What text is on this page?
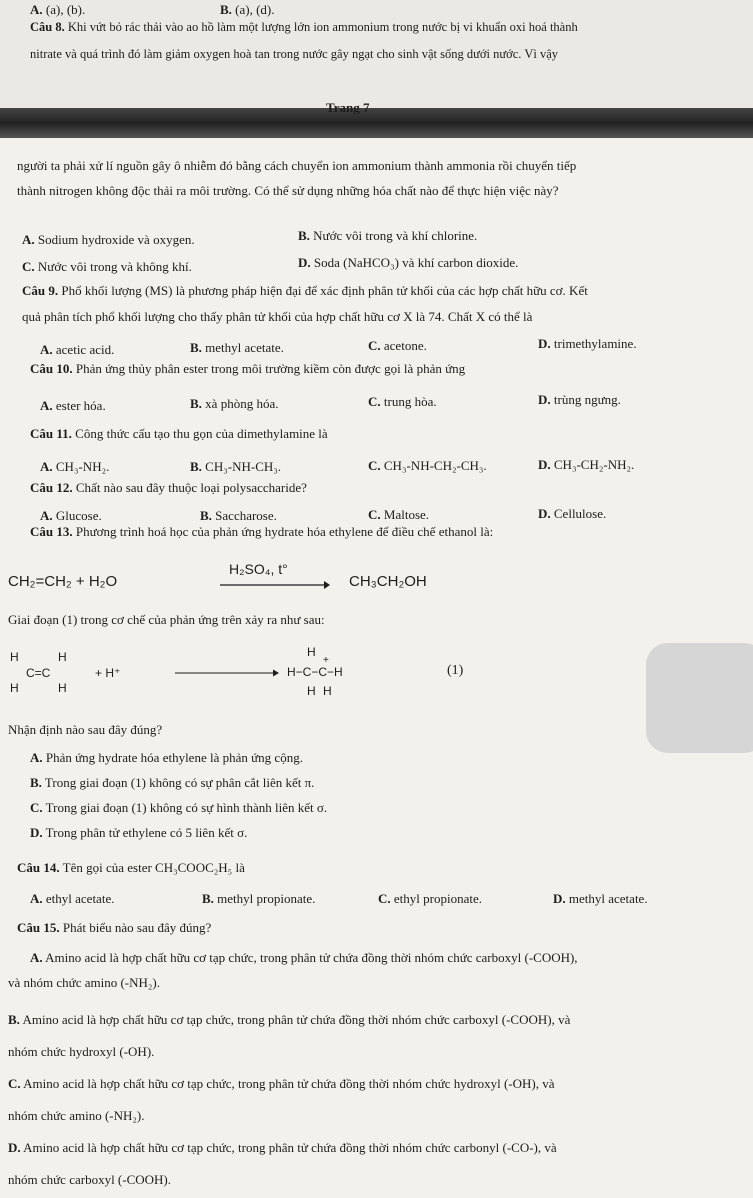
A. (a), (b).	B. (a), (d).
Câu 8. Khi vứt bỏ rác thải vào ao hồ làm một lượng lớn ion ammonium trong nước bị vi khuẩn oxi hoá thành
nitrate và quá trình đó làm giảm oxygen hoà tan trong nước gây ngạt cho sinh vật sống dưới nước. Vì vậy
Trang 7
người ta phải xử lí nguồn gây ô nhiễm đó bằng cách chuyển ion ammonium thành ammonia rồi chuyển tiếp
thành nitrogen không độc thải ra môi trường. Có thể sử dụng những hóa chất nào để thực hiện việc này?
A. Sodium hydroxide và oxygen.	B. Nước vôi trong và khí chlorine.
C. Nước vôi trong và không khí.	D. Soda (NaHCO₃) và khí carbon dioxide.
Câu 9. Phổ khối lượng (MS) là phương pháp hiện đại để xác định phân tử khối của các hợp chất hữu cơ. Kết
quả phân tích phổ khối lượng cho thấy phân tử khối của hợp chất hữu cơ X là 74. Chất X có thể là
A. acetic acid.	B. methyl acetate.	C. acetone.	D. trimethylamine.
Câu 10. Phản ứng thủy phân ester trong môi trường kiềm còn được gọi là phản ứng
A. ester hóa.	B. xà phòng hóa.	C. trung hòa.	D. trùng ngưng.
Câu 11. Công thức cấu tạo thu gọn của dimethylamine là
A. CH₃-NH₂.	B. CH₃-NH-CH₃.	C. CH₃-NH-CH₂-CH₃.	D. CH₃-CH₂-NH₂.
Câu 12. Chất nào sau đây thuộc loại polysaccharide?
A. Glucose.	B. Saccharose.	C. Maltose.	D. Cellulose.
Câu 13. Phương trình hoá học của phản ứng hydrate hóa ethylene để điều chế ethanol là:
CH₂=CH₂ + H₂O
H₂SO₄, t°
CH₃CH₂OH
Giai đoạn (1) trong cơ chế của phản ứng trên xảy ra như sau:
H
H
C=C
H
H
+ H⁺
H
H−C−C−H
+
H H
(1)
Nhận định nào sau đây đúng?
A. Phản ứng hydrate hóa ethylene là phản ứng cộng.
B. Trong giai đoạn (1) không có sự phân cắt liên kết π.
C. Trong giai đoạn (1) không có sự hình thành liên kết σ.
D. Trong phân tử ethylene có 5 liên kết σ.
Câu 14. Tên gọi của ester CH₃COOC₂H₅ là
A. ethyl acetate.	B. methyl propionate.	C. ethyl propionate.	D. methyl acetate.
Câu 15. Phát biểu nào sau đây đúng?
A. Amino acid là hợp chất hữu cơ tạp chức, trong phân tử chứa đồng thời nhóm chức carboxyl (-COOH),
và nhóm chức amino (-NH₂).
B. Amino acid là hợp chất hữu cơ tạp chức, trong phân tử chứa đồng thời nhóm chức carboxyl (-COOH), và
nhóm chức hydroxyl (-OH).
C. Amino acid là hợp chất hữu cơ tạp chức, trong phân tử chứa đồng thời nhóm chức hydroxyl (-OH), và
nhóm chức amino (-NH₂).
D. Amino acid là hợp chất hữu cơ tạp chức, trong phân tử chứa đồng thời nhóm chức carbonyl (-CO-), và
nhóm chức carboxyl (-COOH).
